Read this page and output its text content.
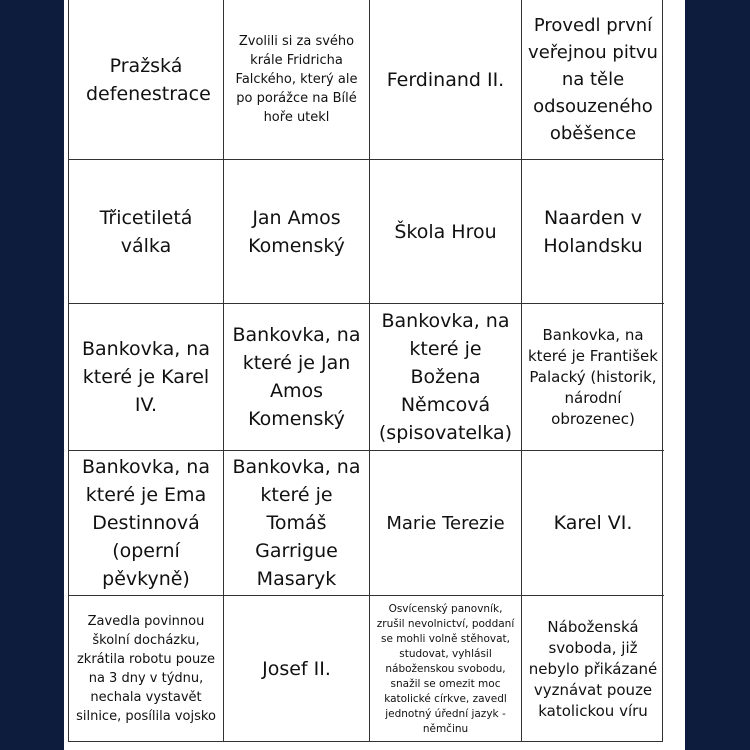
Pražská defenestrace
Zvolili si za svého krále Fridricha Falckého, který ale po porážce na Bílé hoře utekl
Ferdinand II.
Provedl první veřejnou pitvu na těle odsouzeného oběšence
Třicetiletá válka
Jan Amos Komenský
Škola Hrou
Naarden v Holandsku
Bankovka, na které je Karel IV.
Bankovka, na které je Jan Amos Komenský
Bankovka, na které je Božena Němcová (spisovatelka)
Bankovka, na které je František Palacký (historik, národní obrozenec)
Bankovka, na které je Ema Destinnová (operní pěvkyně)
Bankovka, na které je Tomáš Garrigue Masaryk
Marie Terezie	Karel VI.
Zavedla povinnou školní docházku, zkrátila robotu pouze na 3 dny v týdnu, nechala vystavět silnice, posílila vojsko
Josef II.
Osvícenský panovník, zrušil nevolnictví, poddaní se mohli volně stěhovat, studovat, vyhlásil náboženskou svobodu, snažil se omezit moc katolické církve, zavedl jednotný úřední jazyk - němčinu
Náboženská svoboda, již nebylo přikázané vyznávat pouze katolickou víru
